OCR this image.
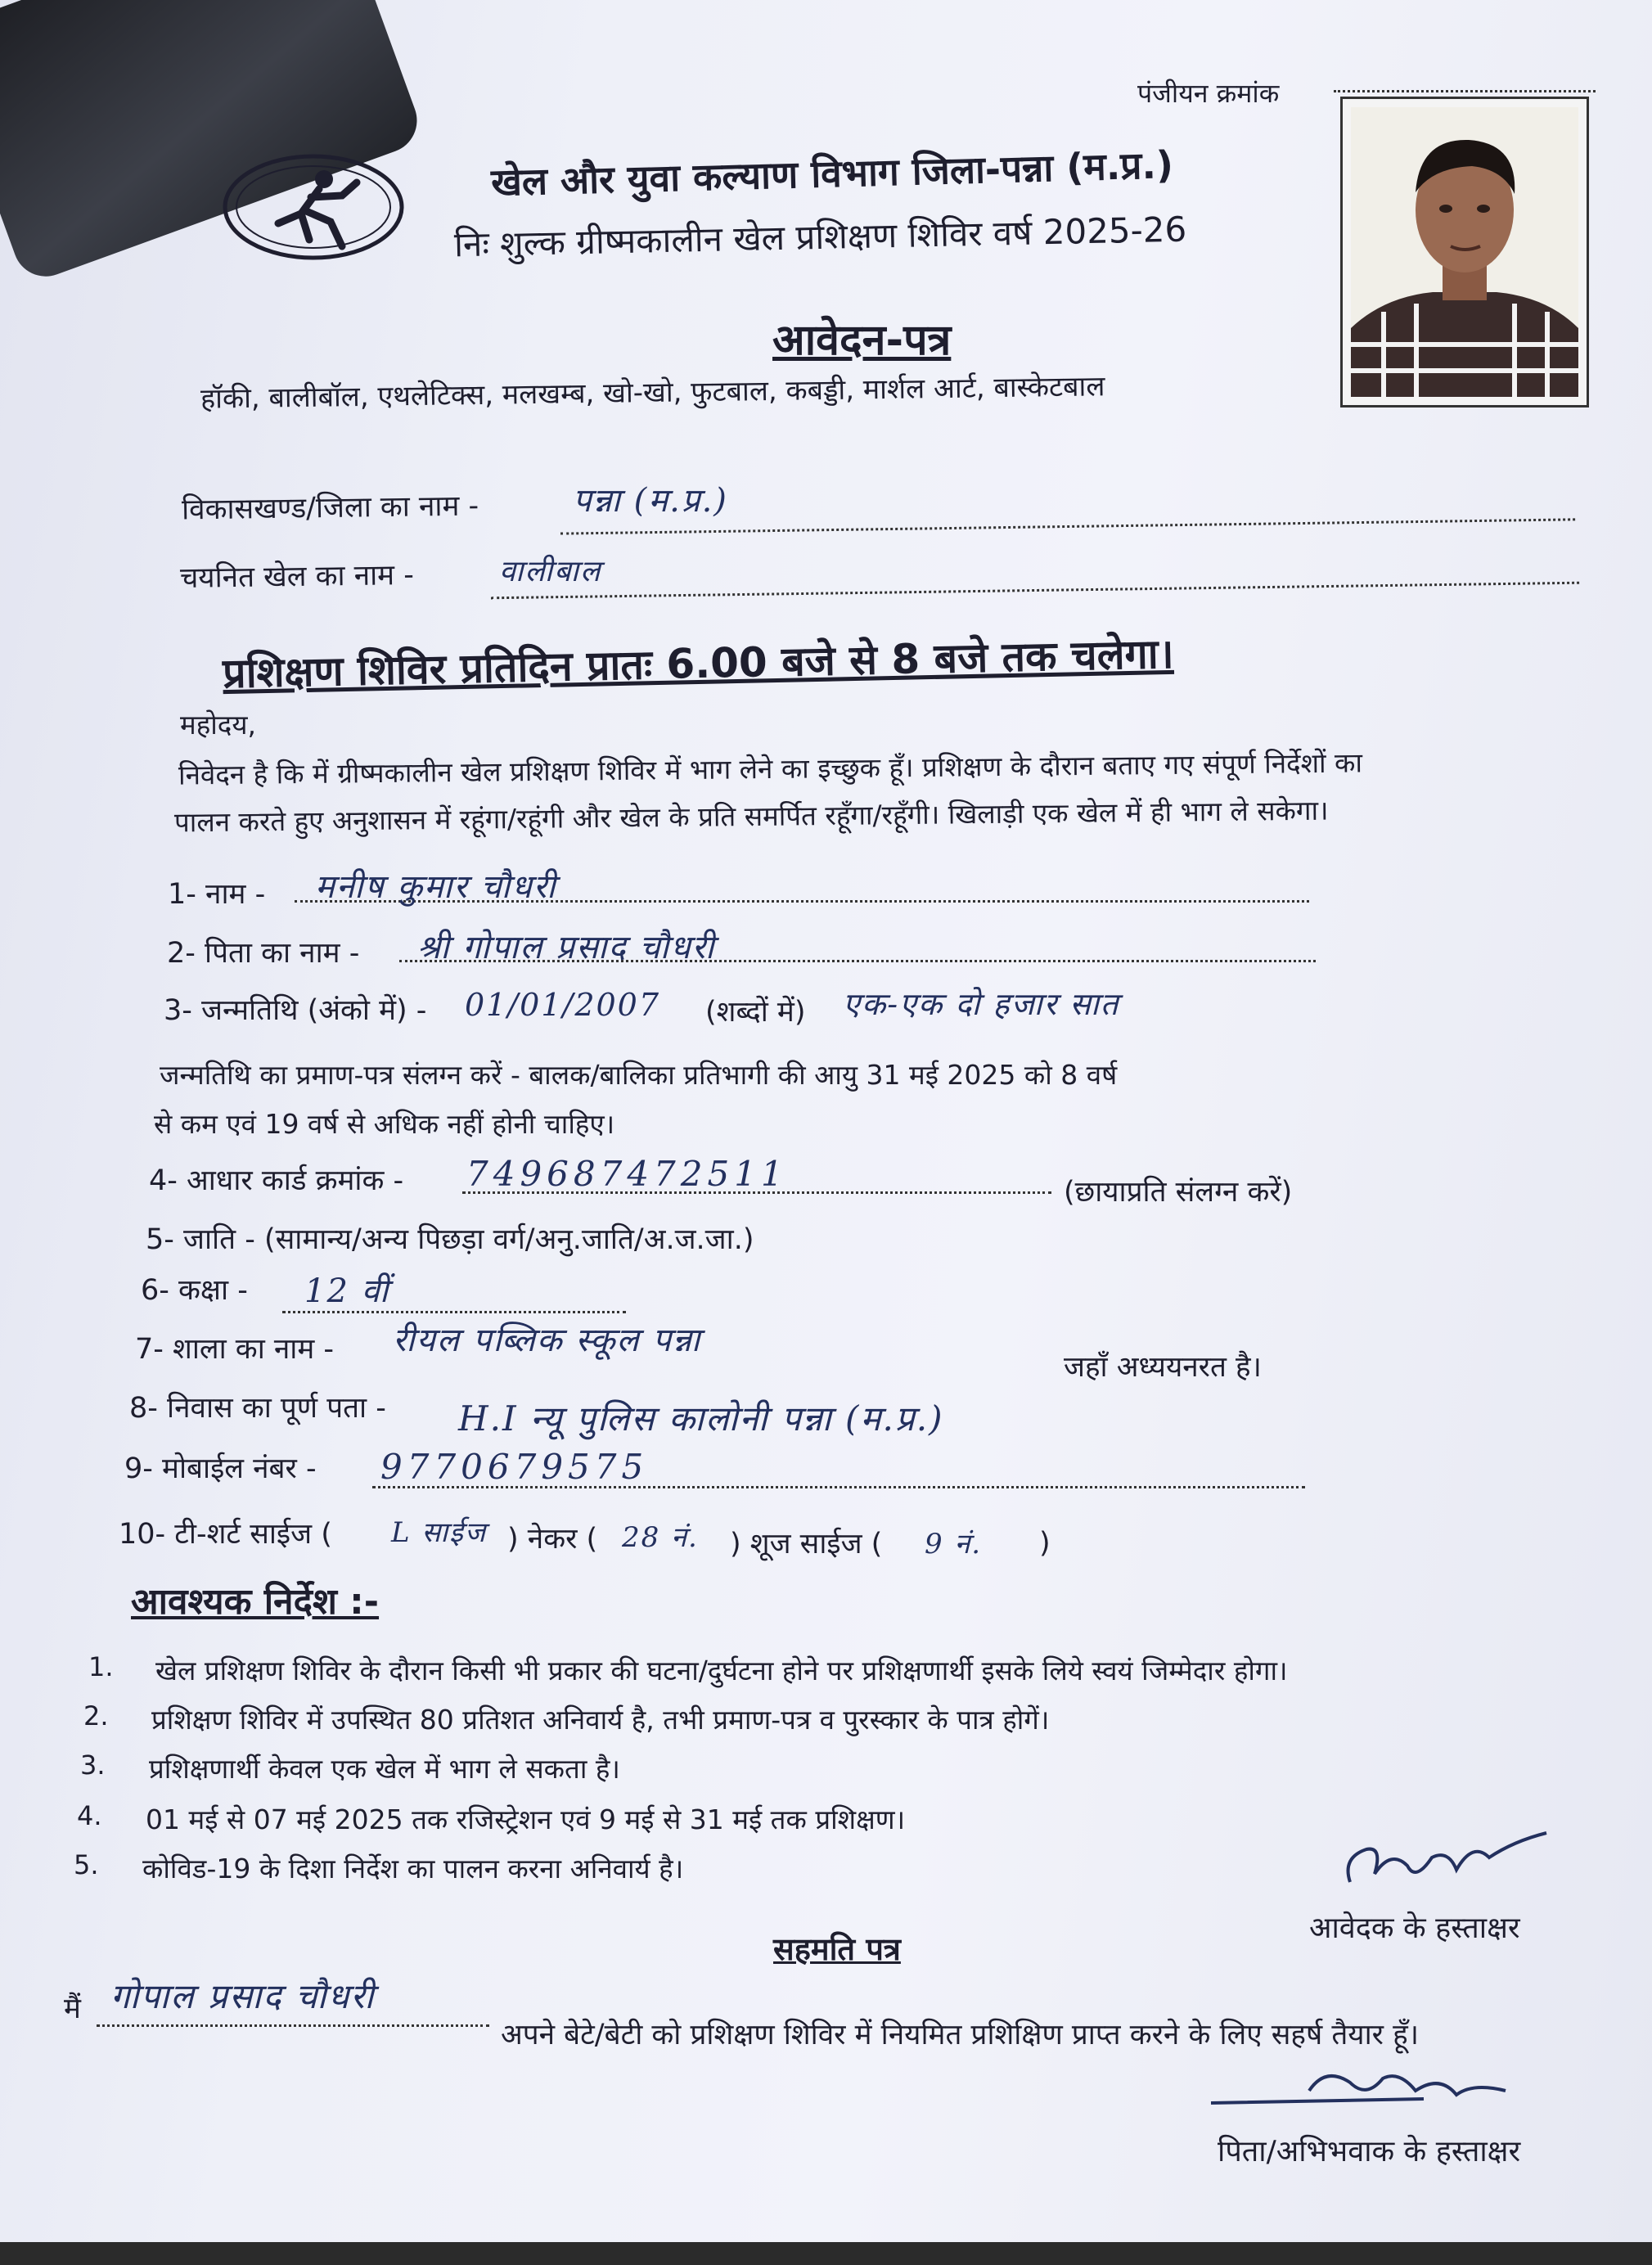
पंजीयन क्रमांक
खेल और युवा कल्याण विभाग जिला-पन्ना (म.प्र.)
निः शुल्क ग्रीष्मकालीन खेल प्रशिक्षण शिविर वर्ष 2025-26
आवेदन-पत्र
हॉकी, बालीबॉल, एथलेटिक्स, मलखम्ब, खो-खो, फुटबाल, कबड्डी, मार्शल आर्ट, बास्केटबाल
विकासखण्ड/जिला का नाम -	पन्ना (म.प्र.)
चयनित खेल का नाम -	वालीबाल
प्रशिक्षण शिविर प्रतिदिन प्रातः 6.00 बजे से 8 बजे तक चलेगा।
महोदय,
निवेदन है कि में ग्रीष्मकालीन खेल प्रशिक्षण शिविर में भाग लेने का इच्छुक हूँ। प्रशिक्षण के दौरान बताए गए संपूर्ण निर्देशों का
पालन करते हुए अनुशासन में रहूंगा/रहूंगी और खेल के प्रति समर्पित रहूँगा/रहूँगी। खिलाड़ी एक खेल में ही भाग ले सकेगा।
1- नाम - मनीष कुमार चौधरी
2- पिता का नाम - श्री गोपाल प्रसाद चौधरी
3- जन्मतिथि (अंको में) - 01/01/2007 (शब्दों में) एक-एक दो हजार सात
जन्मतिथि का प्रमाण-पत्र संलग्न करें - बालक/बालिका प्रतिभागी की आयु 31 मई 2025 को 8 वर्ष
से कम एवं 19 वर्ष से अधिक नहीं होनी चाहिए।
4- आधार कार्ड क्रमांक - 749687472511	(छायाप्रति संलग्न करें)
5- जाति - (सामान्य/अन्य पिछड़ा वर्ग/अनु.जाति/अ.ज.जा.)
6- कक्षा - 12 वीं
7- शाला का नाम - रीयल पब्लिक स्कूल पन्ना
जहाँ अध्ययनरत है।
8- निवास का पूर्ण पता - H.I न्यू पुलिस कालोनी पन्ना (म.प्र.)
9- मोबाईल नंबर - 9770679575
10- टी-शर्ट साईज ( L साईज ) नेकर ( 28 नं. ) शूज साईज ( 9 नं. )
आवश्यक निर्देश :-
1. खेल प्रशिक्षण शिविर के दौरान किसी भी प्रकार की घटना/दुर्घटना होने पर प्रशिक्षणार्थी इसके लिये स्वयं जिम्मेदार होगा।
2. प्रशिक्षण शिविर में उपस्थित 80 प्रतिशत अनिवार्य है, तभी प्रमाण-पत्र व पुरस्कार के पात्र होगें।
3. प्रशिक्षणार्थी केवल एक खेल में भाग ले सकता है।
4. 01 मई से 07 मई 2025 तक रजिस्ट्रेशन एवं 9 मई से 31 मई तक प्रशिक्षण।
5. कोविड-19 के दिशा निर्देश का पालन करना अनिवार्य है।
आवेदक के हस्ताक्षर
सहमति पत्र
मैं गोपाल प्रसाद चौधरी
अपने बेटे/बेटी को प्रशिक्षण शिविर में नियमित प्रशिक्षिण प्राप्त करने के लिए सहर्ष तैयार हूँ।
पिता/अभिभवाक के हस्ताक्षर
